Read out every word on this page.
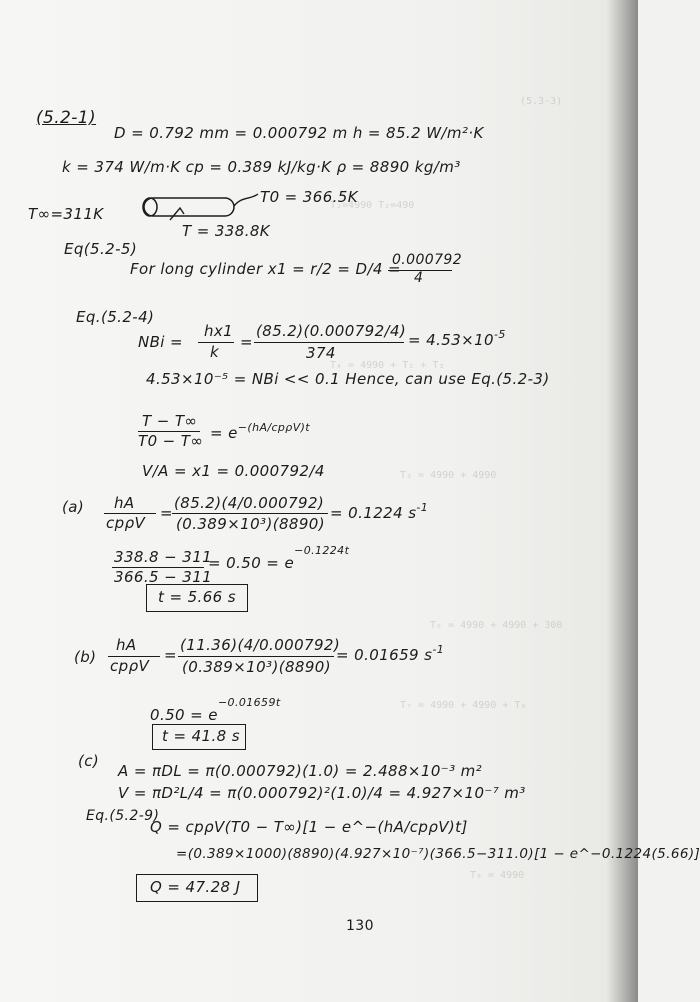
(5.3-3)
T₂=4990 T₂=490
T₄ = 4990 + T₂ + T₃
T₃ = 4990 + 4990
T₆ = 4990 + 4990 + 300
T₇ = 4990 + 4990 + T₈
T₈ = 4990
(5.2-1)
D = 0.792 mm = 0.000792 m h = 85.2 W/m²·K
k = 374 W/m·K cp = 0.389 kJ/kg·K ρ = 8890 kg/m³
T∞=311K
T0 = 366.5K
T = 338.8K
Eq(5.2-5)
For long cylinder x1 = r/2 = D/4 =
0.000792
4
Eq.(5.2-4)
NBi =
hx1
k
=
(85.2)(0.000792/4)
374
= $4.53\times 10^{-5}$
4.53×10⁻⁵ = NBi << 0.1 Hence, can use Eq.(5.2-3)
T − T∞
$T0 - T\infty = e^{-(hA/cp\rho V)t}$
V/A = x1 = 0.000792/4
(a) hA
cpρV
=
(85.2)(4/0.000792)
(0.389×10³)(8890)
= 0.1224 $s^{-1}$
338.8 − 311
366.5 − 311
= $0.50 = e^{-0.1224t}$
t = 5.66 s
(b)
hA
cpρV
=
(11.36)(4/0.000792)
(0.389×10³)(8890)
= 0.01659 $s^{-1}$
$0.50 = e^{-0.01659t}$
t = 41.8 s
(c)
A = πDL = π(0.000792)(1.0) = 2.488×10⁻³ m²
V = πD²L/4 = π(0.000792)²(1.0)/4 = 4.927×10⁻⁷ m³
Eq.(5.2-9)
Q = cpρV(T0 − T∞)[1 − e^−(hA/cpρV)t]
=(0.389×1000)(8890)(4.927×10⁻⁷)(366.5−311.0)[1 − e^−0.1224(5.66)]
Q = 47.28 J
130
